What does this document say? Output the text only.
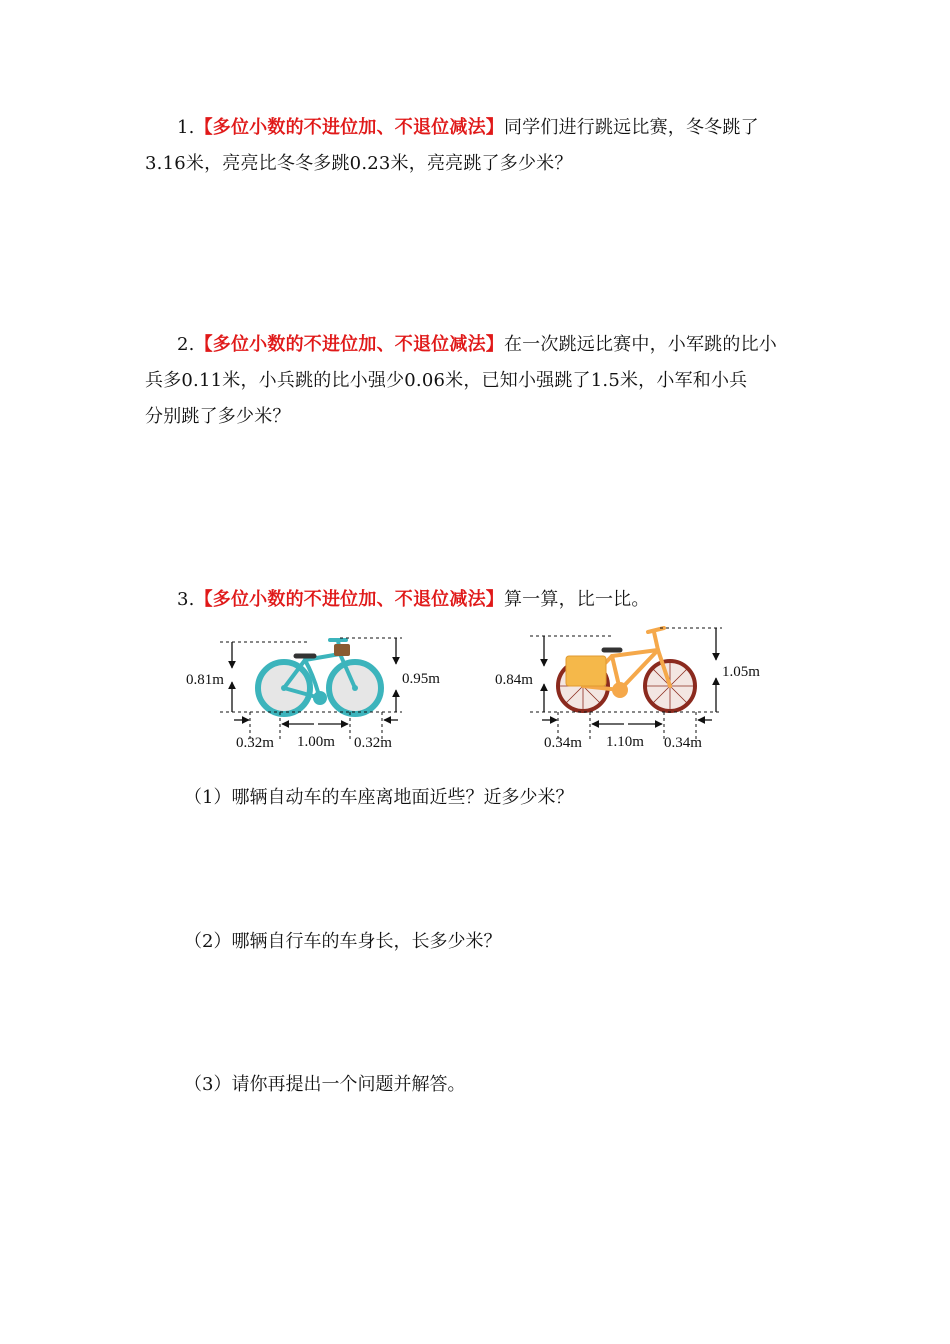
1.【多位小数的不进位加、不退位减法】同学们进行跳远比赛，冬冬跳了
3.16米，亮亮比冬冬多跳0.23米，亮亮跳了多少米？
2.【多位小数的不进位加、不退位减法】在一次跳远比赛中，小军跳的比小
兵多0.11米，小兵跳的比小强少0.06米，已知小强跳了1.5米，小军和小兵
分别跳了多少米？
3.【多位小数的不进位加、不退位减法】算一算，比一比。
0.81m	0.95m
0.32m 1.00m 0.32m
0.84m	1.05m
0.34m 1.10m 0.34m
（1）哪辆自动车的车座离地面近些？近多少米？
（2）哪辆自行车的车身长，长多少米？
（3）请你再提出一个问题并解答。
